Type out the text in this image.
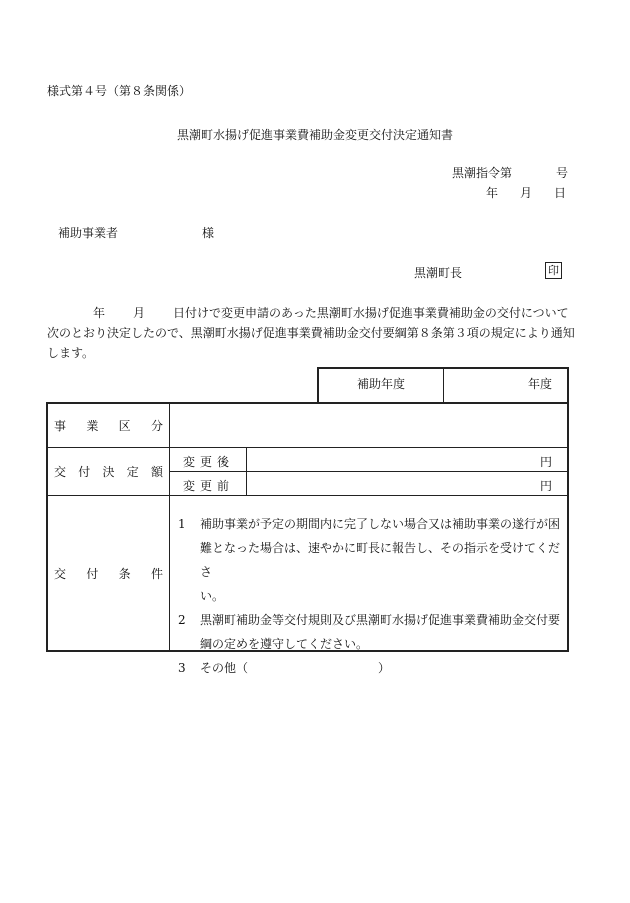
様式第４号（第８条関係）
黒潮町水揚げ促進事業費補助金変更交付決定通知書
黒潮指令第	号
年 月 日
補助事業者	様
黒潮町長	印
年 月 日付けで変更申請のあった黒潮町水揚げ促進事業費補助金の交付について
次のとおり決定したので、黒潮町水揚げ促進事業費補助金交付要綱第８条第３項の規定により通知
します。
補助年度	年度
事 業 区 分
交 付 決 定 額
変 更 後	円
変 更 前	円
交 付 条 件
1	補助事業が予定の期間内に完了しない場合又は補助事業の遂行が困
難となった場合は、速やかに町長に報告し、その指示を受けてくださ
い。
2	黒潮町補助金等交付規則及び黒潮町水揚げ促進事業費補助金交付要
綱の定めを遵守してください。
3	その他（	）
